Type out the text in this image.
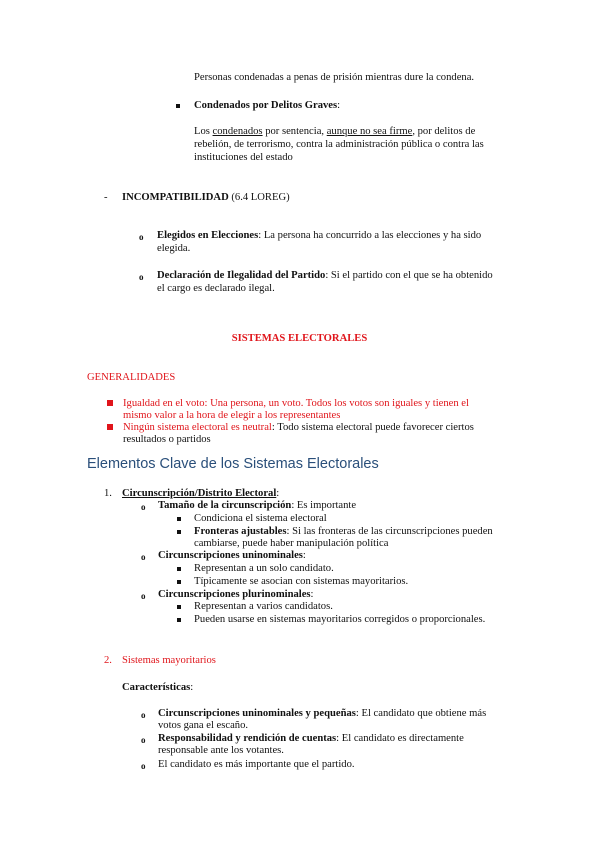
Personas condenadas a penas de prisión mientras dure la condena.
Condenados por Delitos Graves:
Los condenados por sentencia, aunque no sea firme, por delitos de
rebelión, de terrorismo, contra la administración pública o contra las
instituciones del estado
- INCOMPATIBILIDAD (6.4 LOREG)
o Elegidos en Elecciones: La persona ha concurrido a las elecciones y ha sido
elegida.
o Declaración de Ilegalidad del Partido: Si el partido con el que se ha obtenido
el cargo es declarado ilegal.
SISTEMAS ELECTORALES
GENERALIDADES
Igualdad en el voto: Una persona, un voto. Todos los votos son iguales y tienen el
mismo valor a la hora de elegir a los representantes
Ningún sistema electoral es neutral: Todo sistema electoral puede favorecer ciertos
resultados o partidos
Elementos Clave de los Sistemas Electorales
1. Circunscripción/Distrito Electoral:
o Tamaño de la circunscripción: Es importante
Condiciona el sistema electoral
Fronteras ajustables: Si las fronteras de las circunscripciones pueden
cambiarse, puede haber manipulación política
o Circunscripciones uninominales:
Representan a un solo candidato.
Típicamente se asocian con sistemas mayoritarios.
o Circunscripciones plurinominales:
Representan a varios candidatos.
Pueden usarse en sistemas mayoritarios corregidos o proporcionales.
2. Sistemas mayoritarios
Características:
o Circunscripciones uninominales y pequeñas: El candidato que obtiene más
votos gana el escaño.
o Responsabilidad y rendición de cuentas: El candidato es directamente
responsable ante los votantes.
o El candidato es más importante que el partido.
